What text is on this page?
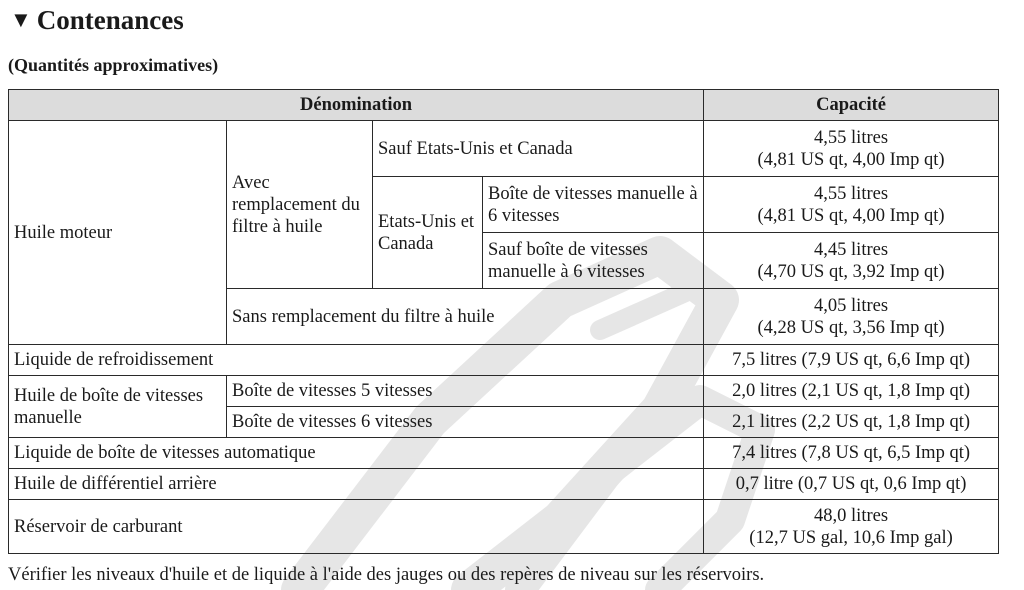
▼ Contenances
(Quantités approximatives)
Dénomination				Capacité
Huile moteur	Avec remplacement du filtre à huile	Sauf Etats-Unis et Canada		4,55 litres
(4,81 US qt, 4,00 Imp qt)

		Etats-Unis et Canada	Boîte de vitesses manuelle à 6 vitesses	4,55 litres
(4,81 US qt, 4,00 Imp qt)

			Sauf boîte de vitesses manuelle à 6 vitesses	4,45 litres
(4,70 US qt, 3,92 Imp qt)

	Sans remplacement du filtre à huile			4,05 litres
(4,28 US qt, 3,56 Imp qt)

Liquide de refroidissement				7,5 litres (7,9 US qt, 6,6 Imp qt)
Huile de boîte de vitesses manuelle	Boîte de vitesses 5 vitesses			2,0 litres (2,1 US qt, 1,8 Imp qt)
	Boîte de vitesses 6 vitesses			2,1 litres (2,2 US qt, 1,8 Imp qt)
Liquide de boîte de vitesses automatique				7,4 litres (7,8 US qt, 6,5 Imp qt)
Huile de différentiel arrière				0,7 litre (0,7 US qt, 0,6 Imp qt)
Réservoir de carburant				48,0 litres
(12,7 US gal, 10,6 Imp gal)
Vérifier les niveaux d'huile et de liquide à l'aide des jauges ou des repères de niveau sur les réservoirs.
